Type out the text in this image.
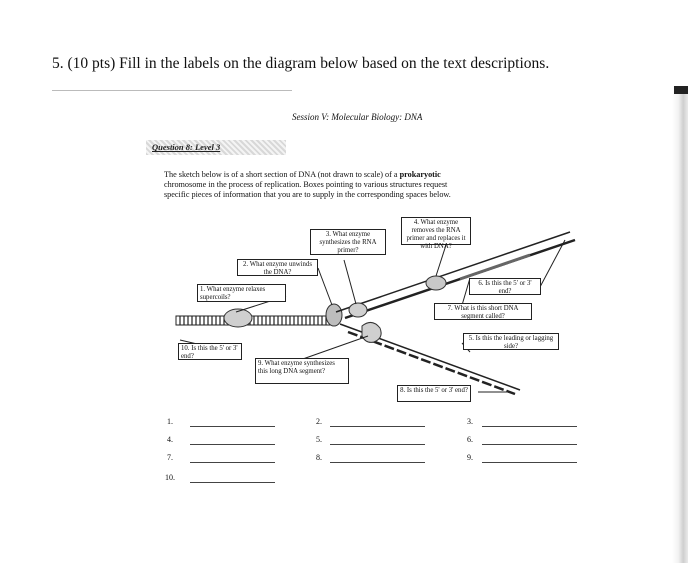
5. (10 pts) Fill in the labels on the diagram below based on the text descriptions.
Session V: Molecular Biology: DNA
Question 8: Level 3
The sketch below is of a short section of DNA (not drawn to scale) of a prokaryotic
chromosome in the process of replication. Boxes pointing to various structures request
specific pieces of information that you are to supply in the corresponding spaces below.
1. What enzyme relaxes supercoils?
2. What enzyme unwinds the DNA?
3. What enzyme synthesizes the RNA primer?
4. What enzyme removes the RNA primer and replaces it with DNA?
5. Is this the leading or lagging side?
6. Is this the 5' or 3' end?
7. What is this short DNA segment called?
8. Is this the 5' or 3' end?
9. What enzyme synthesizes this long DNA segment?
10. Is this the 5' or 3' end?
1.	2.	3.
4.	5.	6.
7.	8.	9.
10.
